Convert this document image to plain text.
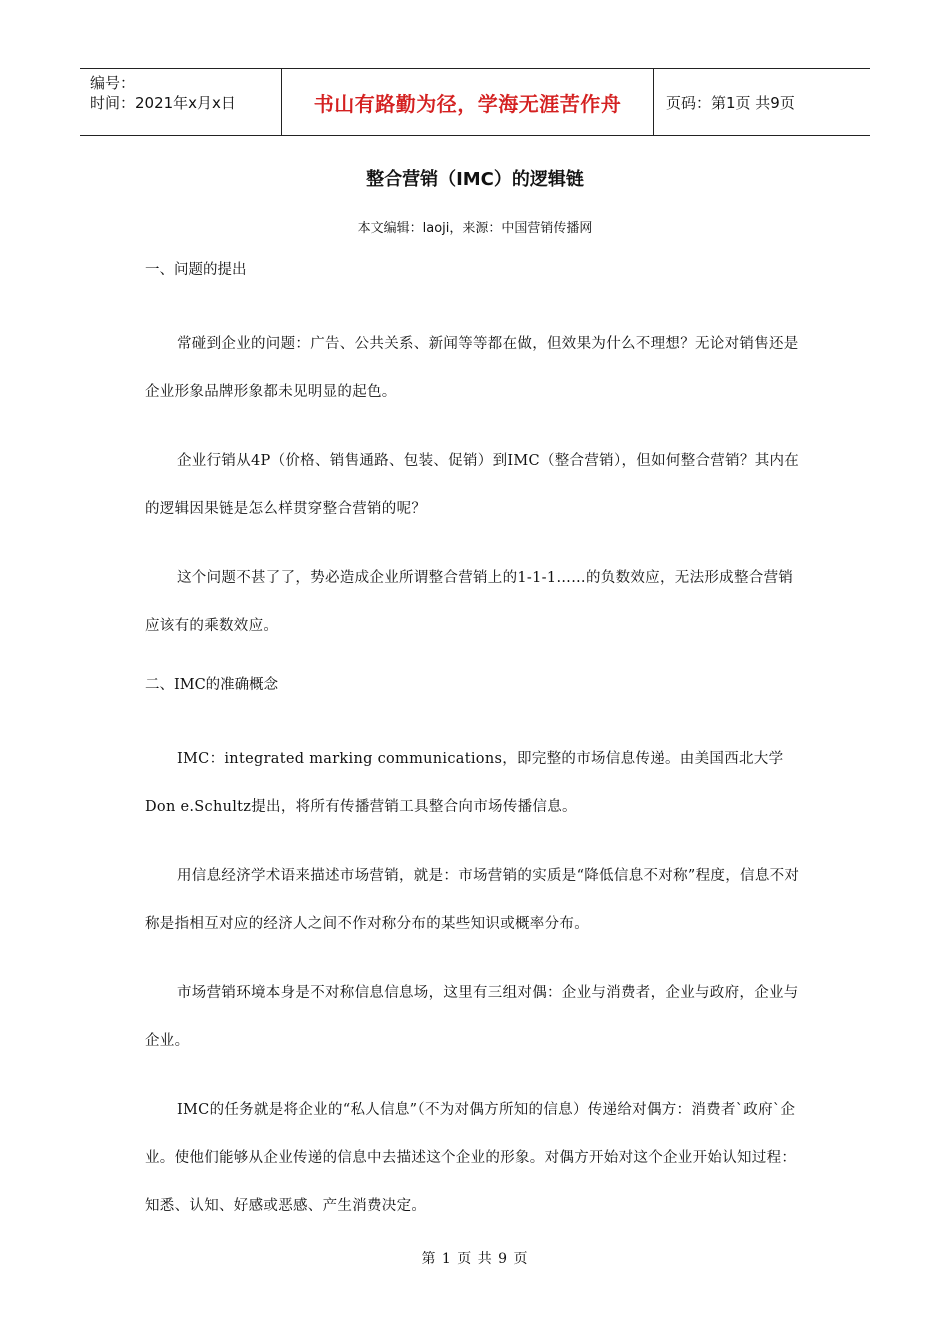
编号：
时间：2021年x月x日	书山有路勤为径，学海无涯苦作舟	页码：第1页 共9页
整合营销（IMC）的逻辑链
本文编辑：laoji，来源：中国营销传播网

一、问题的提出

常碰到企业的问题：广告、公共关系、新闻等等都在做，但效果为什么不理想？无论对销售还是企业形象品牌形象都未见明显的起色。

企业行销从4P（价格、销售通路、包装、促销）到IMC（整合营销），但如何整合营销？其内在的逻辑因果链是怎么样贯穿整合营销的呢？

这个问题不甚了了，势必造成企业所谓整合营销上的1-1-1……的负数效应，无法形成整合营销应该有的乘数效应。

二、IMC的准确概念

IMC：integrated marking communications，即完整的市场信息传递。由美国西北大学Don e.Schultz提出，将所有传播营销工具整合向市场传播信息。

用信息经济学术语来描述市场营销，就是：市场营销的实质是“降低信息不对称”程度，信息不对称是指相互对应的经济人之间不作对称分布的某些知识或概率分布。

市场营销环境本身是不对称信息信息场，这里有三组对偶：企业与消费者，企业与政府，企业与企业。

IMC的任务就是将企业的“私人信息”（不为对偶方所知的信息）传递给对偶方：消费者`政府`企业。使他们能够从企业传递的信息中去描述这个企业的形象。对偶方开始对这个企业开始认知过程：知悉、认知、好感或恶感、产生消费决定。

第 1 页 共 9 页
